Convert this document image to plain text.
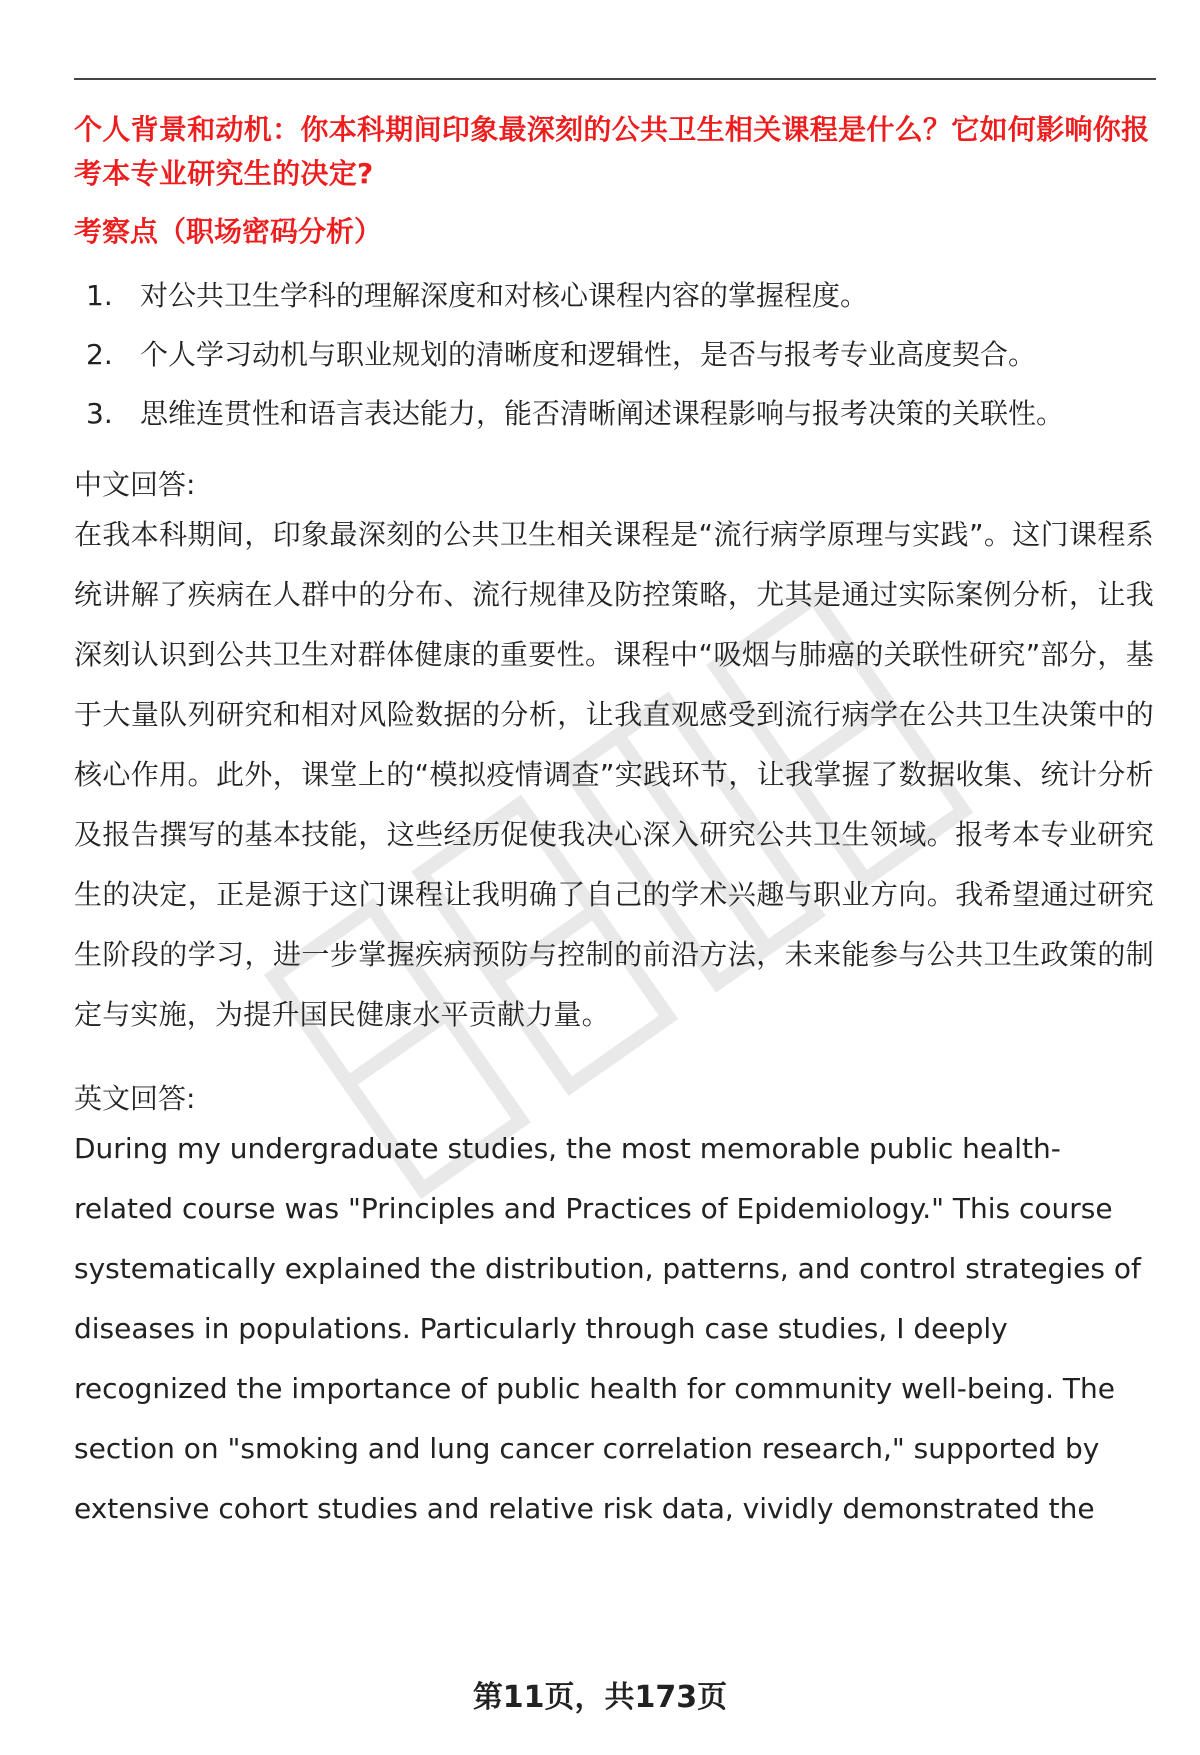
个人背景和动机：你本科期间印象最深刻的公共卫生相关课程是什么？它如何影响你报考本专业研究生的决定?

考察点（职场密码分析）

1. 对公共卫生学科的理解深度和对核心课程内容的掌握程度。
2. 个人学习动机与职业规划的清晰度和逻辑性，是否与报考专业高度契合。
3. 思维连贯性和语言表达能力，能否清晰阐述课程影响与报考决策的关联性。

中文回答:

在我本科期间，印象最深刻的公共卫生相关课程是“流行病学原理与实践”。这门课程系统讲解了疾病在人群中的分布、流行规律及防控策略，尤其是通过实际案例分析，让我深刻认识到公共卫生对群体健康的重要性。课程中“吸烟与肺癌的关联性研究”部分，基于大量队列研究和相对风险数据的分析，让我直观感受到流行病学在公共卫生决策中的核心作用。此外，课堂上的“模拟疫情调查”实践环节，让我掌握了数据收集、统计分析及报告撰写的基本技能，这些经历促使我决心深入研究公共卫生领域。报考本专业研究生的决定，正是源于这门课程让我明确了自己的学术兴趣与职业方向。我希望通过研究生阶段的学习，进一步掌握疾病预防与控制的前沿方法，未来能参与公共卫生政策的制定与实施，为提升国民健康水平贡献力量。

英文回答:

During my undergraduate studies, the most memorable public health-related course was "Principles and Practices of Epidemiology." This course systematically explained the distribution, patterns, and control strategies of diseases in populations. Particularly through case studies, I deeply recognized the importance of public health for community well-being. The section on "smoking and lung cancer correlation research," supported by extensive cohort studies and relative risk data, vividly demonstrated the

第11页，共173页
